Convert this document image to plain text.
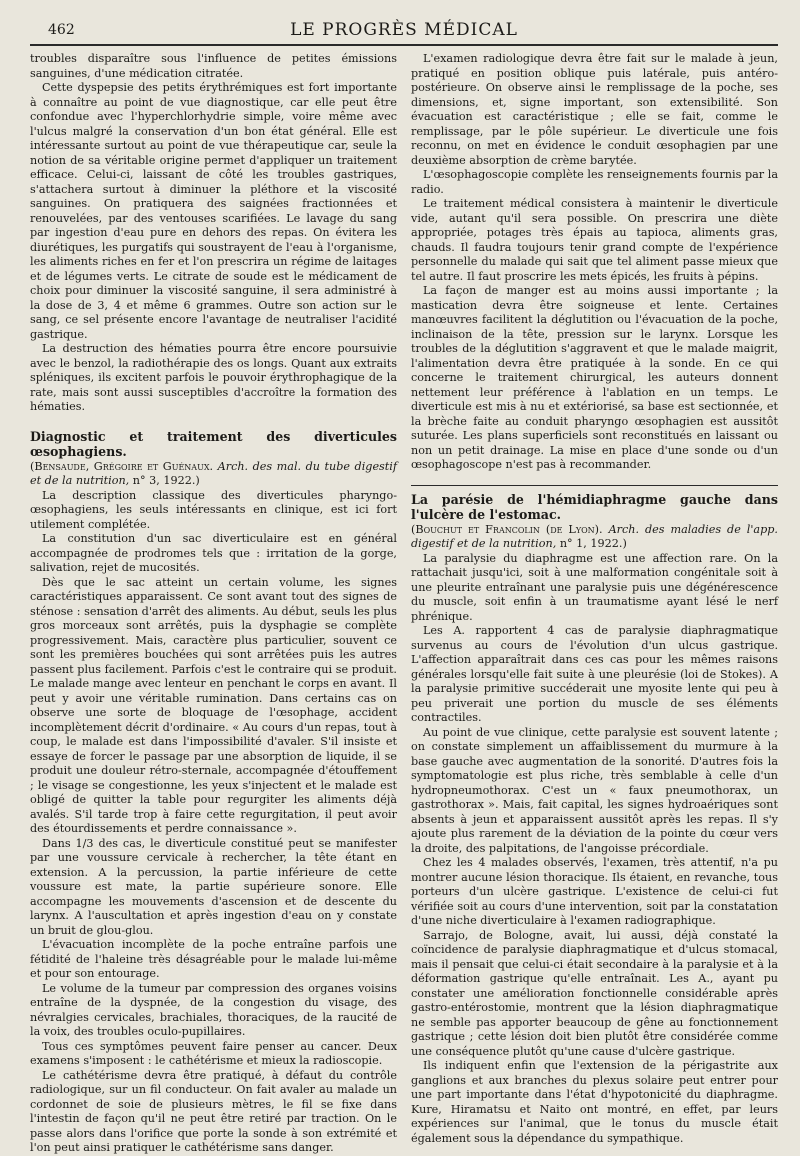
462	LE PROGRÈS MÉDICAL

troubles disparaître sous l'influence de petites émissions sanguines, d'une médication citratée.

Cette dyspepsie des petits érythrémiques est fort importante à connaître au point de vue diagnostique, car elle peut être confondue avec l'hyperchlorhydrie simple, voire même avec l'ulcus malgré la conservation d'un bon état général. Elle est intéressante surtout au point de vue thérapeutique car, seule la notion de sa véritable origine permet d'appliquer un traitement efficace. Celui-ci, laissant de côté les troubles gastriques, s'attachera surtout à diminuer la pléthore et la viscosité sanguines. On pratiquera des saignées fractionnées et renouvelées, par des ventouses scarifiées. Le lavage du sang par ingestion d'eau pure en dehors des repas. On évitera les diurétiques, les purgatifs qui soustrayent de l'eau à l'organisme, les aliments riches en fer et l'on prescrira un régime de laitages et de légumes verts. Le citrate de soude est le médicament de choix pour diminuer la viscosité sanguine, il sera administré à la dose de 3, 4 et même 6 grammes. Outre son action sur le sang, ce sel présente encore l'avantage de neutraliser l'acidité gastrique.

La destruction des hématies pourra être encore poursuivie avec le benzol, la radiothérapie des os longs. Quant aux extraits spléniques, ils excitent parfois le pouvoir érythrophagique de la rate, mais sont aussi susceptibles d'accroître la formation des hématies.

Diagnostic et traitement des diverticules œsophagiens.

(Bensaude, Grégoire et Guénaux. Arch. des mal. du tube digestif et de la nutrition, n° 3, 1922.)

La description classique des diverticules pharyngo-œsophagiens, les seuls intéressants en clinique, est ici fort utilement complétée.

La constitution d'un sac diverticulaire est en général accompagnée de prodromes tels que : irritation de la gorge, salivation, rejet de mucosités.

Dès que le sac atteint un certain volume, les signes caractéristiques apparaissent. Ce sont avant tout des signes de sténose : sensation d'arrêt des aliments. Au début, seuls les plus gros morceaux sont arrêtés, puis la dysphagie se complète progressivement. Mais, caractère plus particulier, souvent ce sont les premières bouchées qui sont arrêtées puis les autres passent plus facilement. Parfois c'est le contraire qui se produit. Le malade mange avec lenteur en penchant le corps en avant. Il peut y avoir une véritable rumination. Dans certains cas on observe une sorte de bloquage de l'œsophage, accident incomplètement décrit d'ordinaire. « Au cours d'un repas, tout à coup, le malade est dans l'impossibilité d'avaler. S'il insiste et essaye de forcer le passage par une absorption de liquide, il se produit une douleur rétro-sternale, accompagnée d'étouffement ; le visage se congestionne, les yeux s'injectent et le malade est obligé de quitter la table pour regurgiter les aliments déjà avalés. S'il tarde trop à faire cette regurgitation, il peut avoir des étourdissements et perdre connaissance ».

Dans 1/3 des cas, le diverticule constitué peut se manifester par une voussure cervicale à rechercher, la tête étant en extension. A la percussion, la partie inférieure de cette voussure est mate, la partie supérieure sonore. Elle accompagne les mouvements d'ascension et de descente du larynx. A l'auscultation et après ingestion d'eau on y constate un bruit de glou-glou.

L'évacuation incomplète de la poche entraîne parfois une fétidité de l'haleine très désagréable pour le malade lui-même et pour son entourage.

Le volume de la tumeur par compression des organes voisins entraîne de la dyspnée, de la congestion du visage, des névralgies cervicales, brachiales, thoraciques, de la raucité de la voix, des troubles oculo-pupillaires.

Tous ces symptômes peuvent faire penser au cancer. Deux examens s'imposent : le cathétérisme et mieux la radioscopie.

Le cathétérisme devra être pratiqué, à défaut du contrôle radiologique, sur un fil conducteur. On fait avaler au malade un cordonnet de soie de plusieurs mètres, le fil se fixe dans l'intestin de façon qu'il ne peut être retiré par traction. On le passe alors dans l'orifice que porte la sonde à son extrémité et l'on peut ainsi pratiquer le cathétérisme sans danger.

L'examen radiologique devra être fait sur le malade à jeun, pratiqué en position oblique puis latérale, puis antéro-postérieure. On observe ainsi le remplissage de la poche, ses dimensions, et, signe important, son extensibilité. Son évacuation est caractéristique ; elle se fait, comme le remplissage, par le pôle supérieur. Le diverticule une fois reconnu, on met en évidence le conduit œsophagien par une deuxième absorption de crème barytée.

L'œsophagoscopie complète les renseignements fournis par la radio.

Le traitement médical consistera à maintenir le diverticule vide, autant qu'il sera possible. On prescrira une diète appropriée, potages très épais au tapioca, aliments gras, chauds. Il faudra toujours tenir grand compte de l'expérience personnelle du malade qui sait que tel aliment passe mieux que tel autre. Il faut proscrire les mets épicés, les fruits à pépins.

La façon de manger est au moins aussi importante ; la mastication devra être soigneuse et lente. Certaines manœuvres facilitent la déglutition ou l'évacuation de la poche, inclinaison de la tête, pression sur le larynx. Lorsque les troubles de la déglutition s'aggravent et que le malade maigrit, l'alimentation devra être pratiquée à la sonde. En ce qui concerne le traitement chirurgical, les auteurs donnent nettement leur préférence à l'ablation en un temps. Le diverticule est mis à nu et extériorisé, sa base est sectionnée, et la brèche faite au conduit pharyngo œsophagien est aussitôt suturée. Les plans superficiels sont reconstitués en laissant ou non un petit drainage. La mise en place d'une sonde ou d'un œsophagoscope n'est pas à recommander.

La parésie de l'hémidiaphragme gauche dans l'ulcère de l'estomac.

(Bouchut et Francolin (de Lyon). Arch. des maladies de l'app. digestif et de la nutrition, n° 1, 1922.)

La paralysie du diaphragme est une affection rare. On la rattachait jusqu'ici, soit à une malformation congénitale soit à une pleurite entraînant une paralysie puis une dégénérescence du muscle, soit enfin à un traumatisme ayant lésé le nerf phrénique.

Les A. rapportent 4 cas de paralysie diaphragmatique survenus au cours de l'évolution d'un ulcus gastrique. L'affection apparaîtrait dans ces cas pour les mêmes raisons générales lorsqu'elle fait suite à une pleurésie (loi de Stokes). A la paralysie primitive succéderait une myosite lente qui peu à peu priverait une portion du muscle de ses éléments contractiles.

Au point de vue clinique, cette paralysie est souvent latente ; on constate simplement un affaiblissement du murmure à la base gauche avec augmentation de la sonorité. D'autres fois la symptomatologie est plus riche, très semblable à celle d'un hydropneumothorax. C'est un « faux pneumothorax, un gastrothorax ». Mais, fait capital, les signes hydroaériques sont absents à jeun et apparaissent aussitôt après les repas. Il s'y ajoute plus rarement de la déviation de la pointe du cœur vers la droite, des palpitations, de l'angoisse précordiale.

Chez les 4 malades observés, l'examen, très attentif, n'a pu montrer aucune lésion thoracique. Ils étaient, en revanche, tous porteurs d'un ulcère gastrique. L'existence de celui-ci fut vérifiée soit au cours d'une intervention, soit par la constatation d'une niche diverticulaire à l'examen radiographique.

Sarrajo, de Bologne, avait, lui aussi, déjà constaté la coïncidence de paralysie diaphragmatique et d'ulcus stomacal, mais il pensait que celui-ci était secondaire à la paralysie et à la déformation gastrique qu'elle entraînait. Les A., ayant pu constater une amélioration fonctionnelle considérable après gastro-entérostomie, montrent que la lésion diaphragmatique ne semble pas apporter beaucoup de gêne au fonctionnement gastrique ; cette lésion doit bien plutôt être considérée comme une conséquence plutôt qu'une cause d'ulcère gastrique.

Ils indiquent enfin que l'extension de la périgastrite aux ganglions et aux branches du plexus solaire peut entrer pour une part importante dans l'état d'hypotonicité du diaphragme. Kure, Hiramatsu et Naito ont montré, en effet, par leurs expériences sur l'animal, que le tonus du muscle était également sous la dépendance du sympathique.
